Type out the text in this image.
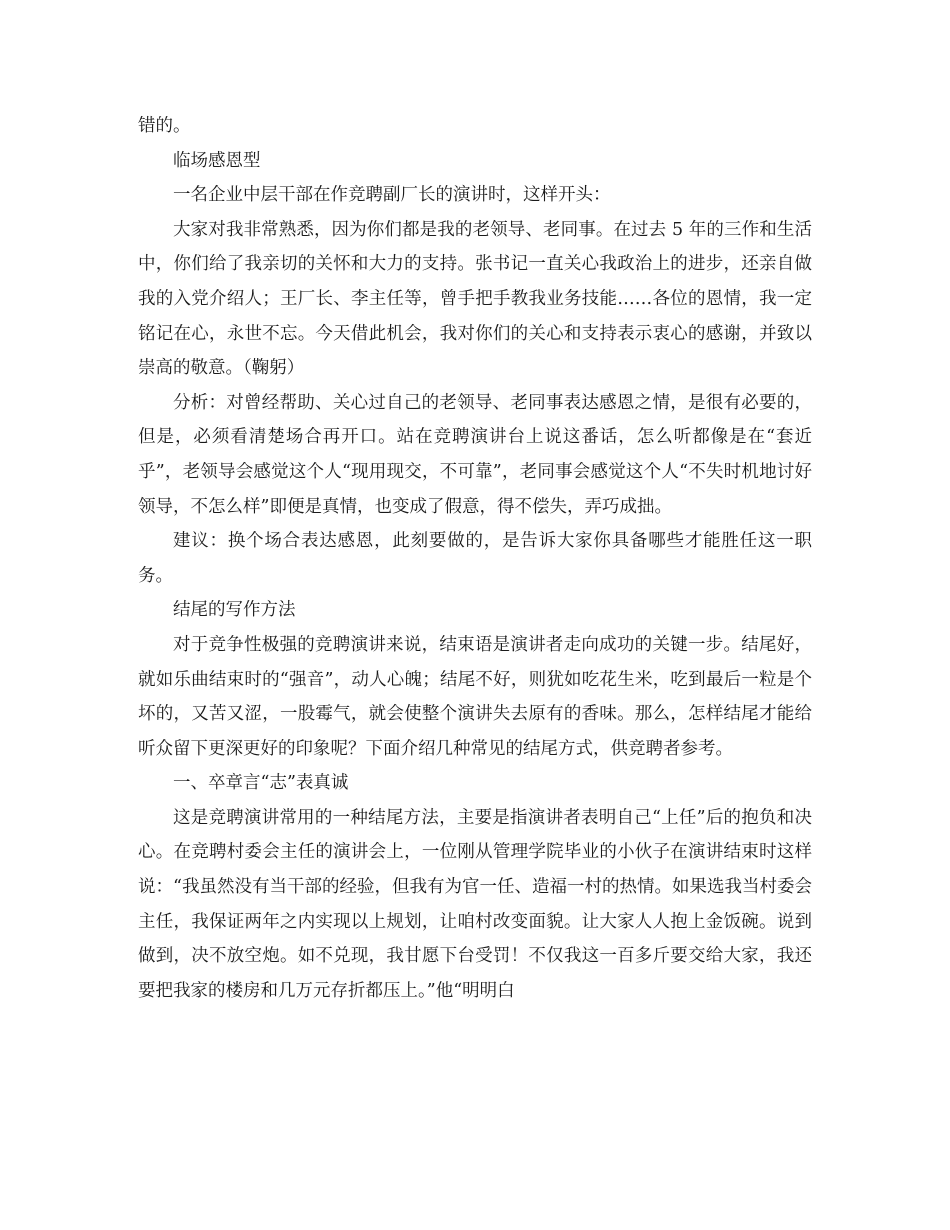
错的。

临场感恩型

一名企业中层干部在作竞聘副厂长的演讲时，这样开头：

大家对我非常熟悉，因为你们都是我的老领导、老同事。在过去 5 年的三作和生活中，你们给了我亲切的关怀和大力的支持。张书记一直关心我政治上的进步，还亲自做我的入党介绍人；王厂长、李主任等，曾手把手教我业务技能……各位的恩情，我一定铭记在心，永世不忘。今天借此机会，我对你们的关心和支持表示衷心的感谢，并致以崇高的敬意。（鞠躬）

分析：对曾经帮助、关心过自己的老领导、老同事表达感恩之情，是很有必要的，但是，必须看清楚场合再开口。站在竞聘演讲台上说这番话，怎么听都像是在“套近乎”，老领导会感觉这个人“现用现交，不可靠”，老同事会感觉这个人“不失时机地讨好领导，不怎么样”即便是真情，也变成了假意，得不偿失，弄巧成拙。

建议：换个场合表达感恩，此刻要做的，是告诉大家你具备哪些才能胜任这一职务。

结尾的写作方法

对于竞争性极强的竞聘演讲来说，结束语是演讲者走向成功的关键一步。结尾好，就如乐曲结束时的“强音”，动人心魄；结尾不好，则犹如吃花生米，吃到最后一粒是个坏的，又苦又涩，一股霉气，就会使整个演讲失去原有的香味。那么，怎样结尾才能给听众留下更深更好的印象呢？下面介绍几种常见的结尾方式，供竞聘者参考。

一、卒章言“志”表真诚

这是竞聘演讲常用的一种结尾方法，主要是指演讲者表明自己“上任”后的抱负和决心。在竞聘村委会主任的演讲会上，一位刚从管理学院毕业的小伙子在演讲结束时这样说：“我虽然没有当干部的经验，但我有为官一任、造福一村的热情。如果选我当村委会主任，我保证两年之内实现以上规划，让咱村改变面貌。让大家人人抱上金饭碗。说到做到，决不放空炮。如不兑现，我甘愿下台受罚！不仅我这一百多斤要交给大家，我还要把我家的楼房和几万元存折都压上。”他“明明白
